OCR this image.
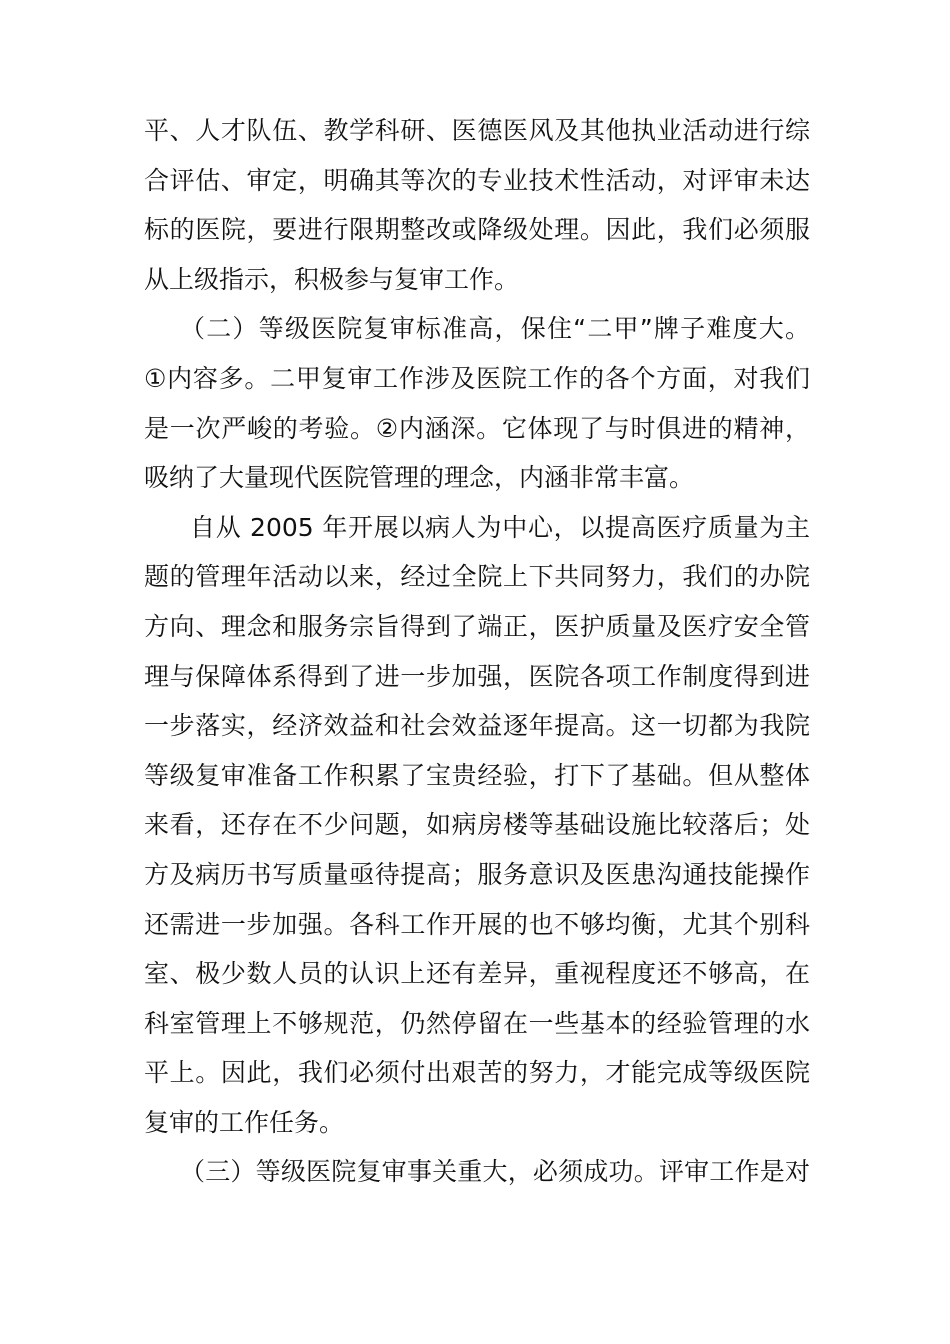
平、人才队伍、教学科研、医德医风及其他执业活动进行综
合评估、审定，明确其等次的专业技术性活动，对评审未达
标的医院，要进行限期整改或降级处理。因此，我们必须服
从上级指示，积极参与复审工作。
（二）等级医院复审标准高，保住“二甲”牌子难度大。
①内容多。二甲复审工作涉及医院工作的各个方面，对我们
是一次严峻的考验。②内涵深。它体现了与时俱进的精神，
吸纳了大量现代医院管理的理念，内涵非常丰富。
自从 2005 年开展以病人为中心，以提高医疗质量为主
题的管理年活动以来，经过全院上下共同努力，我们的办院
方向、理念和服务宗旨得到了端正，医护质量及医疗安全管
理与保障体系得到了进一步加强，医院各项工作制度得到进
一步落实，经济效益和社会效益逐年提高。这一切都为我院
等级复审准备工作积累了宝贵经验，打下了基础。但从整体
来看，还存在不少问题，如病房楼等基础设施比较落后；处
方及病历书写质量亟待提高；服务意识及医患沟通技能操作
还需进一步加强。各科工作开展的也不够均衡，尤其个别科
室、极少数人员的认识上还有差异，重视程度还不够高，在
科室管理上不够规范，仍然停留在一些基本的经验管理的水
平上。因此，我们必须付出艰苦的努力，才能完成等级医院
复审的工作任务。
（三）等级医院复审事关重大，必须成功。评审工作是对
